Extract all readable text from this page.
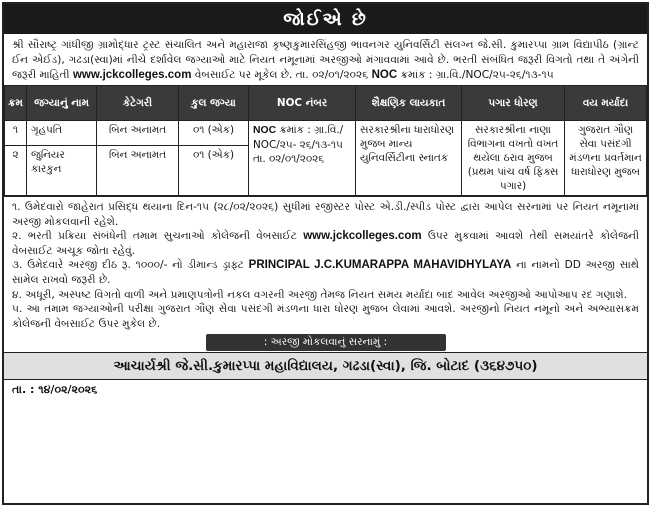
જોઈએ છે
શ્રી સૌરાષ્ટ્ર ગાંધીજી ગ્રામોદ્ધાર ટ્રસ્ટ સંચાલિત અને મહારાજા કૃષ્ણકુમારસિંહજી ભાવનગર યુનિવર્સિટી સંલગ્ન જે.સી. કુમારપ્પા ગ્રામ વિદ્યાપીઠ (ગ્રાન્ટ ઈન એઈડ), ગઢડા(સ્વા)માં નીચે દર્શાવેલ જગ્યાઓ માટે નિયત નમૂનામાં અરજીઓ મંગાવવામાં આવે છે. ભરતી સંબંધિત જરૂરી વિગતો તથા તે અંગેની જરૂરી માહિતી www.jckcolleges.com વેબસાઈટ પર મૂકેલ છે. તા. ૦૨/૦૧/૨૦૨૬ NOC ક્રમાંક : ગ્રા.વિ./NOC/૨૫-૨૬/૧૩-૧૫
ક્રમ	જગ્યાનું નામ	કેટેગરી	કુલ જગ્યા	NOC નંબર	શૈક્ષણિક લાયકાત	પગાર ધોરણ	વય મર્યાદા
૧	ગૃહપતિ	બિન અનામત	૦૧ (એક)	NOC ક્રમાંક : ગ્રા.વિ./ NOC/૨૫- ૨૬/૧૩-૧૫ તા. ૦૨/૦૧/૨૦૨૬	સરકારશ્રીના ધારાધોરણ મુજબ માન્ય યુનિવર્સિટીના સ્નાતક	સરકારશ્રીના નાણા વિભાગના વખતો વખત થયેલા ઠરાવ મુજબ (પ્રથમ પાંચ વર્ષ ફિક્સ પગાર)	ગુજરાત ગૌણ સેવા પસંદગી મંડળના પ્રવર્તમાન ધારાધોરણ મુજબ
૨	જુનિયર કારકુન	બિન અનામત	૦૧ (એક)				
૧. ઉમેદવારો જાહેરાત પ્રસિદ્ધ થયાના દિન-૧૫ (૨૮/૦૨/૨૦૨૬) સુધીમાં રજીસ્ટર પોસ્ટ એ.ડી./સ્પીડ પોસ્ટ દ્વારા આપેલ સરનામાં પર નિયત નમૂનામાં અરજી મોકલવાની રહેશે.
૨. ભરતી પ્રક્રિયા સંબંધેની તમામ સુચનાઓ કોલેજની વેબસાઈટ www.jckcolleges.com ઉપર મુકવામાં આવશે તેથી સમયાંતરે કોલેજની વેબસાઈટ અચૂક જોતા રહેવું.
૩. ઉમેદવારે અરજી દીઠ રૂ. ૧૦૦૦/- નો ડીમાન્ડ ડ્રાફ્ટ PRINCIPAL J.C.KUMARAPPA MAHAVIDHYLAYA ના નામનો DD અરજી સાથે સામેલ રાખવો જરૂરી છે.
૪. અધૂરી, અસ્પષ્ટ વિગતો વાળી અને પ્રમાણપત્રોની નકલ વગરની અરજી તેમજ નિયત સમય મર્યાદા બાદ આવેલ અરજીઓ આપોઆપ રદ ગણાશે.
૫. આ તમામ જગ્યાઓની પરીક્ષા ગુજરાત ગૌણ સેવા પસંદગી મંડળના ધારા ધોરણ મુજબ લેવામાં આવશે. અરજીનો નિયત નમૂનો અને અભ્યાસક્રમ કોલેજની વેબસાઈટ ઉપર મુકેલ છે.
: અરજી મોકલવાનું સરનામું :
આચાર્યશ્રી જે.સી.કુમારપ્પા મહાવિદ્યાલય, ગઢડા(સ્વા), જિ. બોટાદ (૩૬૪૭૫૦)
તા. : ૧૪/૦૨/૨૦૨૬
